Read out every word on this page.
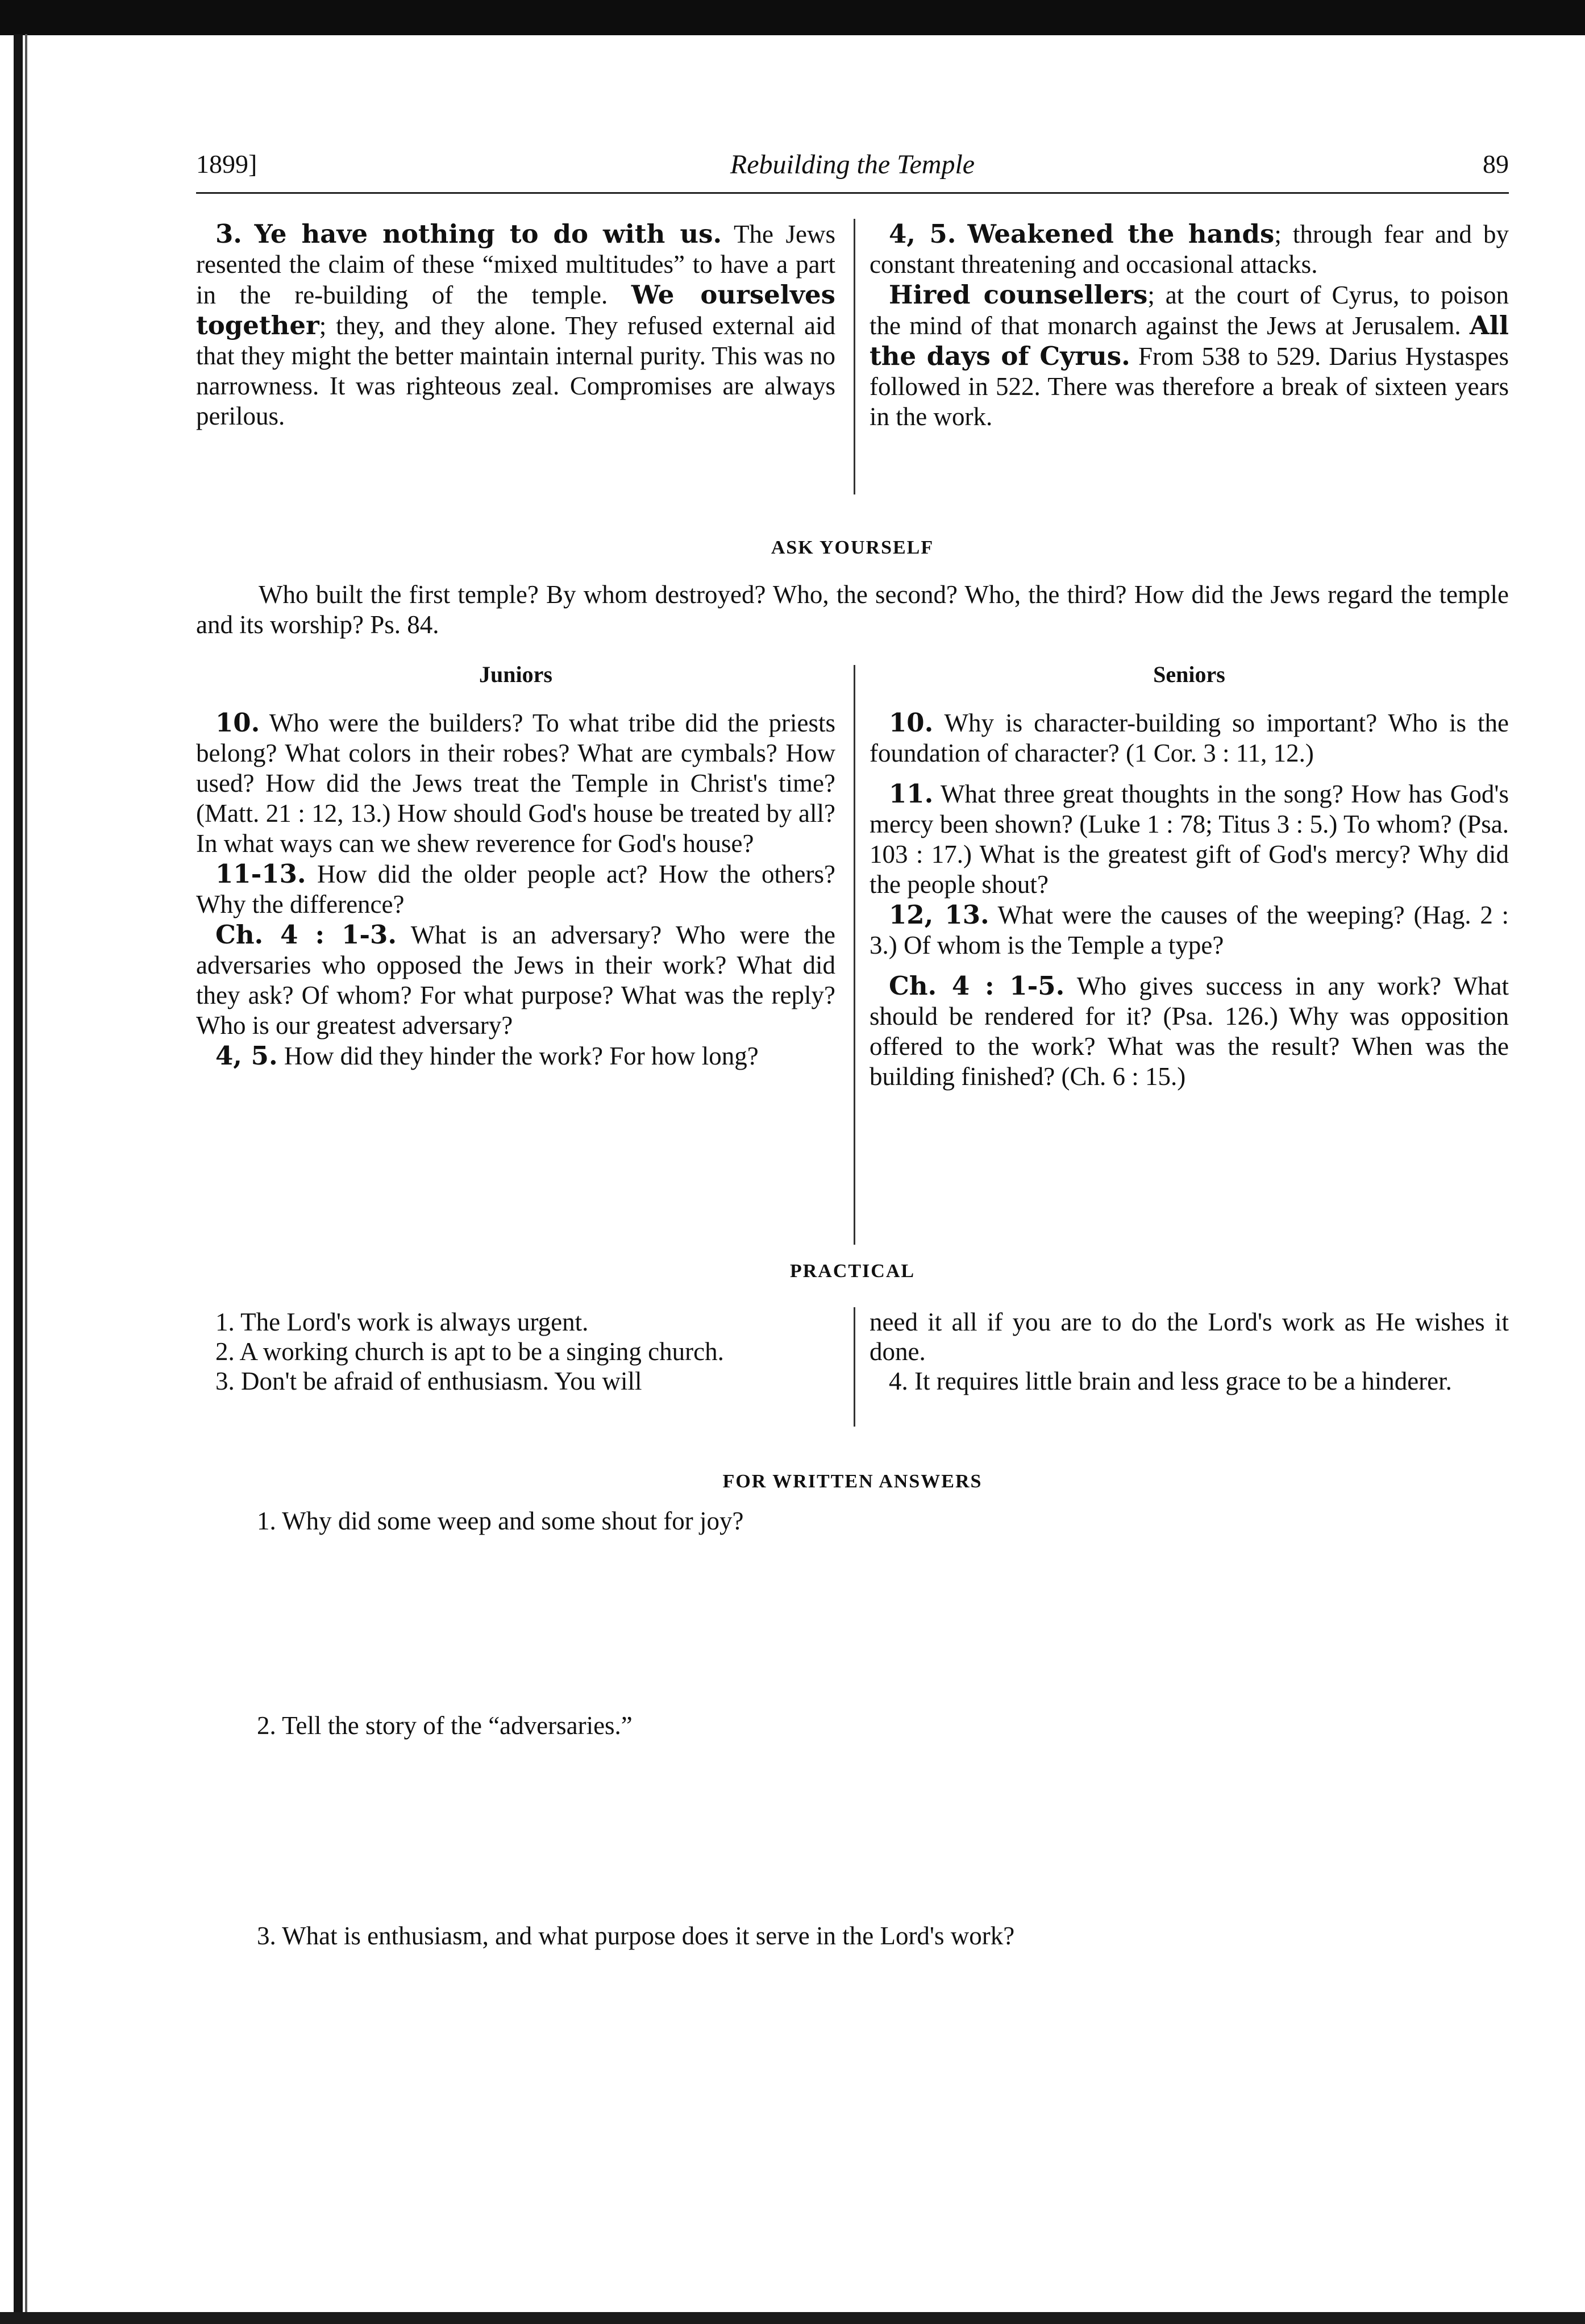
1899]	Rebuilding the Temple	89

3. Ye have nothing to do with us. The Jews resented the claim of these “mixed multitudes” to have a part in the re-building of the temple. We ourselves together; they, and they alone. They refused external aid that they might the better maintain internal purity. This was no narrowness. It was righteous zeal. Compromises are always perilous.

4, 5. Weakened the hands; through fear and by constant threatening and occasional attacks.

Hired counsellers; at the court of Cyrus, to poison the mind of that monarch against the Jews at Jerusalem. All the days of Cyrus. From 538 to 529. Darius Hystaspes followed in 522. There was therefore a break of sixteen years in the work.

ASK YOURSELF

Who built the first temple? By whom destroyed? Who, the second? Who, the third? How did the Jews regard the temple and its worship? Ps. 84.

Juniors	Seniors

10. Who were the builders? To what tribe did the priests belong? What colors in their robes? What are cymbals? How used? How did the Jews treat the Temple in Christ's time? (Matt. 21 : 12, 13.) How should God's house be treated by all? In what ways can we shew reverence for God's house?

11-13. How did the older people act? How the others? Why the difference?

Ch. 4 : 1-3. What is an adversary? Who were the adversaries who opposed the Jews in their work? What did they ask? Of whom? For what purpose? What was the reply? Who is our greatest adversary?

4, 5. How did they hinder the work? For how long?

10. Why is character-building so important? Who is the foundation of character? (1 Cor. 3 : 11, 12.)

11. What three great thoughts in the song? How has God's mercy been shown? (Luke 1 : 78; Titus 3 : 5.) To whom? (Psa. 103 : 17.) What is the greatest gift of God's mercy? Why did the people shout?

12, 13. What were the causes of the weeping? (Hag. 2 : 3.) Of whom is the Temple a type?

Ch. 4 : 1-5. Who gives success in any work? What should be rendered for it? (Psa. 126.) Why was opposition offered to the work? What was the result? When was the building finished? (Ch. 6 : 15.)

PRACTICAL

1. The Lord's work is always urgent.

2. A working church is apt to be a singing church.

3. Don't be afraid of enthusiasm. You will

need it all if you are to do the Lord's work as He wishes it done.

4. It requires little brain and less grace to be a hinderer.

FOR WRITTEN ANSWERS
1. Why did some weep and some shout for joy?
2. Tell the story of the “adversaries.”
3. What is enthusiasm, and what purpose does it serve in the Lord's work?
